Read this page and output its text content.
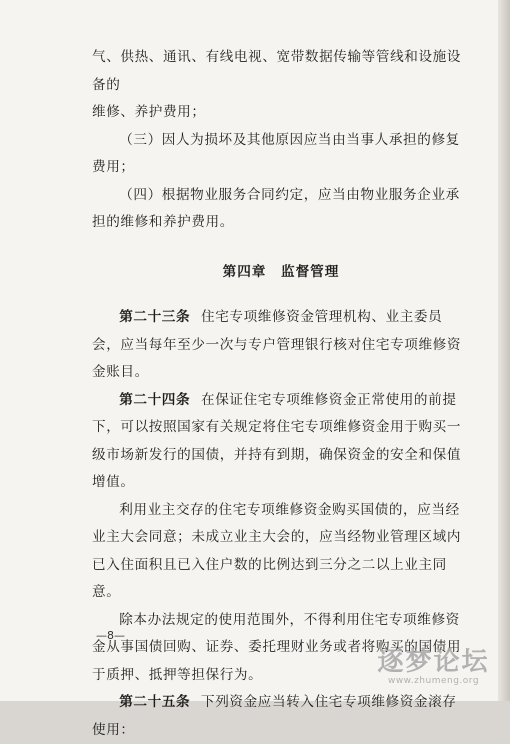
气、供热、通讯、有线电视、宽带数据传输等管线和设施设备的

维修、养护费用；

（三）因人为损坏及其他原因应当由当事人承担的修复费用；

（四）根据物业服务合同约定，应当由物业服务企业承担的维修和养护费用。

第四章　监督管理

第二十三条 住宅专项维修资金管理机构、业主委员会，应当每年至少一次与专户管理银行核对住宅专项维修资金账目。

第二十四条 在保证住宅专项维修资金正常使用的前提下，可以按照国家有关规定将住宅专项维修资金用于购买一级市场新发行的国债，并持有到期，确保资金的安全和保值增值。

利用业主交存的住宅专项维修资金购买国债的，应当经业主大会同意；未成立业主大会的，应当经物业管理区域内已入住面积且已入住户数的比例达到三分之二以上业主同意。

除本办法规定的使用范围外，不得利用住宅专项维修资金从事国债回购、证券、委托理财业务或者将购买的国债用于质押、抵押等担保行为。

第二十五条 下列资金应当转入住宅专项维修资金滚存使用：

—8—
逐梦论坛
www.zhumeng.org
